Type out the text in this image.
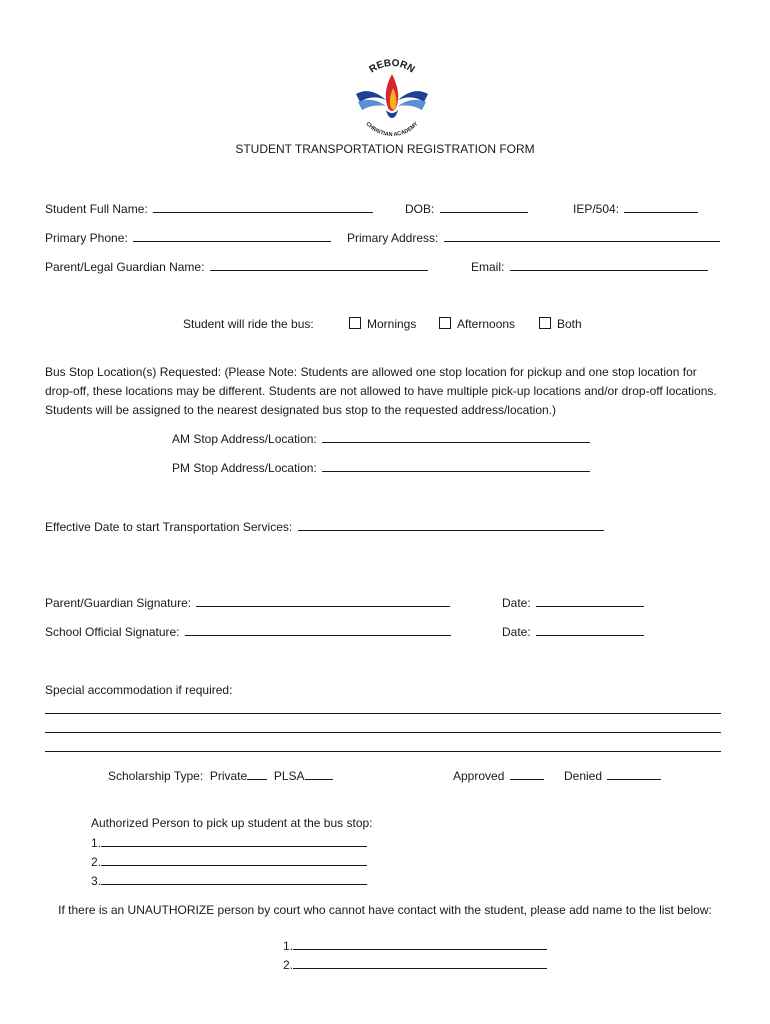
REBORN
CHRISTIAN ACADEMY
STUDENT TRANSPORTATION REGISTRATION FORM
Student Full Name:	DOB:	IEP/504:
Primary Phone:	Primary Address:
Parent/Legal Guardian Name:	Email:
Student will ride the bus:	Mornings	Afternoons	Both
Bus Stop Location(s) Requested: (Please Note: Students are allowed one stop location for pickup and one stop location for drop-off, these locations may be different. Students are not allowed to have multiple pick-up locations and/or drop-off locations. Students will be assigned to the nearest designated bus stop to the requested address/location.)
AM Stop Address/Location:
PM Stop Address/Location:
Effective Date to start Transportation Services:
Parent/Guardian Signature:	Date:
School Official Signature:	Date:
Special accommodation if required:
Scholarship Type: Private PLSA	Approved	Denied
Authorized Person to pick up student at the bus stop:
1.
2.
3.
If there is an UNAUTHORIZE person by court who cannot have contact with the student, please add name to the list below:
1.
2.
